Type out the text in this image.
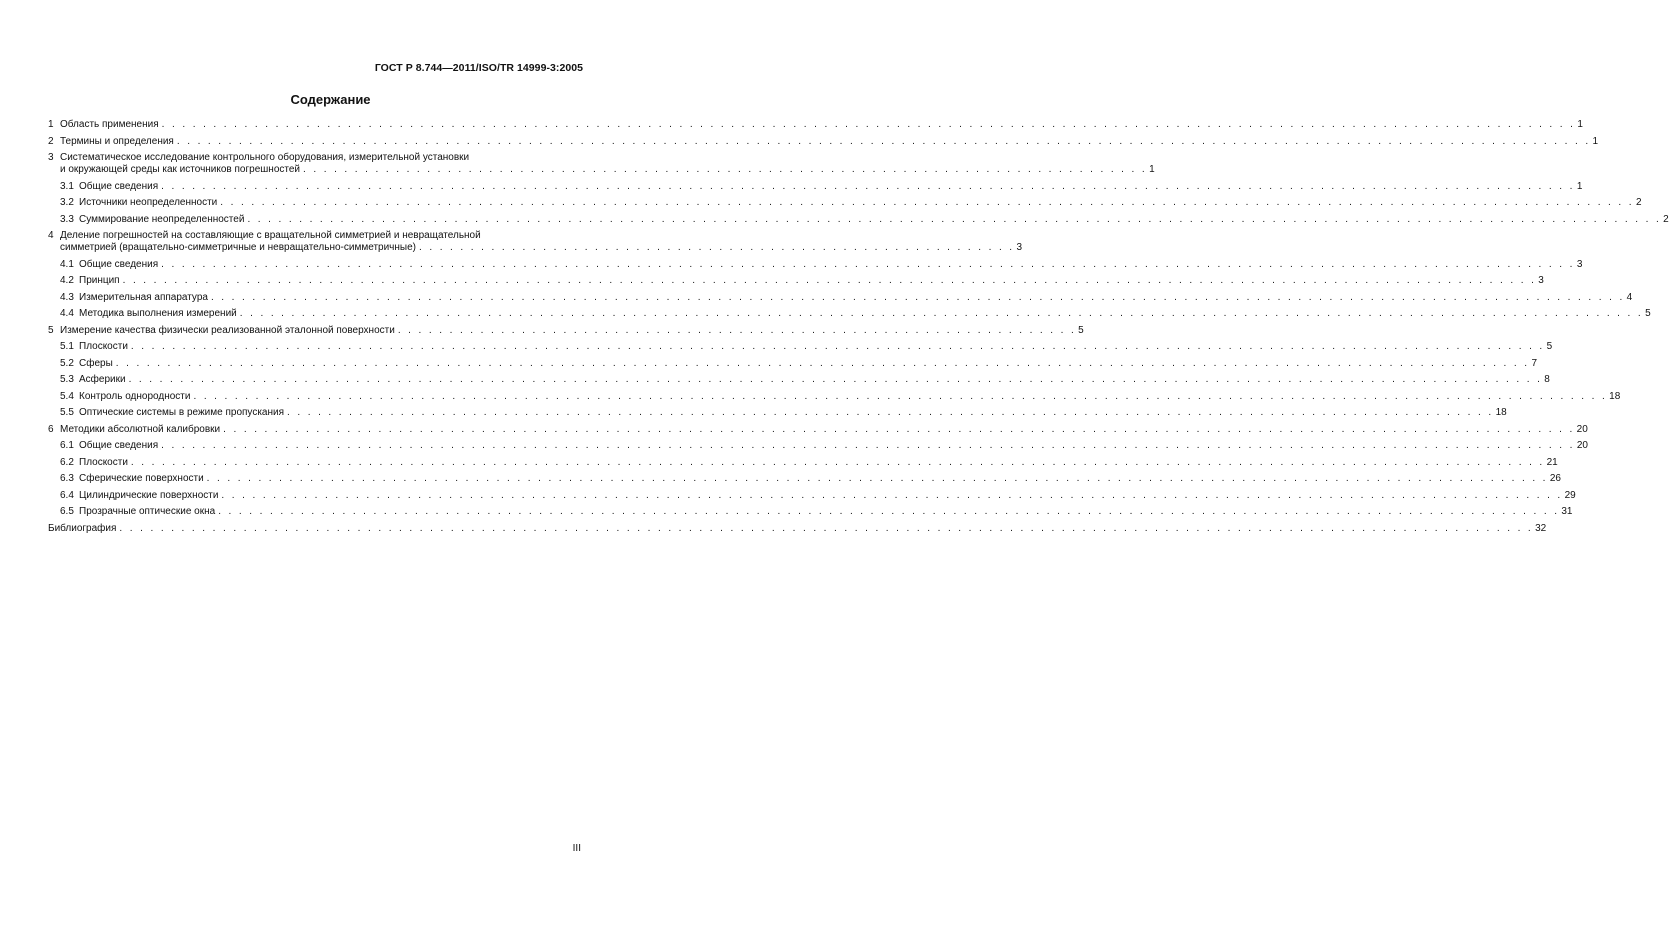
ГОСТ Р 8.744—2011/ISO/TR 14999-3:2005
Содержание
1 Область применения . . . . . . . . . . . . . . . . . . . . . . . . . . . . . . . . . . . . . . . . . . . . . . . . . . . . . . . . . . . . . . . . . . . . . . . . . . . . . . . . . . . . . . . . . . . . . . . . . . . . . . . . . . . . . . . . . . . . . . . . . . . . . . . . . . . . . . . . . 1
2 Термины и определения . . . . . . . . . . . . . . . . . . . . . . . . . . . . . . . . . . . . . . . . . . . . . . . . . . . . . . . . . . . . . . . . . . . . . . . . . . . . . . . . . . . . . . . . . . . . . . . . . . . . . . . . . . . . . . . . . . . . . . . . . . . . . . . . . . . . . . . . . 1
3 Систематическое исследование контрольного оборудования, измерительной установки
и окружающей среды как источников погрешностей . . . . . . . . . . . . . . . . . . . . . . . . . . . . . . . . . . . . . . . . . . . . . . . . . . . . . . . . . . . . . . . . . . . . . . . . . . . . . . . . . . 1
3.1 Общие сведения . . . . . . . . . . . . . . . . . . . . . . . . . . . . . . . . . . . . . . . . . . . . . . . . . . . . . . . . . . . . . . . . . . . . . . . . . . . . . . . . . . . . . . . . . . . . . . . . . . . . . . . . . . . . . . . . . . . . . . . . . . . . . . . . . . . . . . . . . 1
3.2 Источники неопределенности . . . . . . . . . . . . . . . . . . . . . . . . . . . . . . . . . . . . . . . . . . . . . . . . . . . . . . . . . . . . . . . . . . . . . . . . . . . . . . . . . . . . . . . . . . . . . . . . . . . . . . . . . . . . . . . . . . . . . . . . . . . . . . . . . . . . . . . . . 2
3.3 Суммирование неопределенностей . . . . . . . . . . . . . . . . . . . . . . . . . . . . . . . . . . . . . . . . . . . . . . . . . . . . . . . . . . . . . . . . . . . . . . . . . . . . . . . . . . . . . . . . . . . . . . . . . . . . . . . . . . . . . . . . . . . . . . . . . . . . . . . . . . . . . . . . . 2
4 Деление погрешностей на составляющие с вращательной симметрией и невращательной
симметрией (вращательно-симметричные и невращательно-симметричные) . . . . . . . . . . . . . . . . . . . . . . . . . . . . . . . . . . . . . . . . . . . . . . . . . . . . . . . . . . 3
4.1 Общие сведения . . . . . . . . . . . . . . . . . . . . . . . . . . . . . . . . . . . . . . . . . . . . . . . . . . . . . . . . . . . . . . . . . . . . . . . . . . . . . . . . . . . . . . . . . . . . . . . . . . . . . . . . . . . . . . . . . . . . . . . . . . . . . . . . . . . . . . . . . 3
4.2 Принцип . . . . . . . . . . . . . . . . . . . . . . . . . . . . . . . . . . . . . . . . . . . . . . . . . . . . . . . . . . . . . . . . . . . . . . . . . . . . . . . . . . . . . . . . . . . . . . . . . . . . . . . . . . . . . . . . . . . . . . . . . . . . . . . . . . . . . . . . . 3
4.3 Измерительная аппаратура . . . . . . . . . . . . . . . . . . . . . . . . . . . . . . . . . . . . . . . . . . . . . . . . . . . . . . . . . . . . . . . . . . . . . . . . . . . . . . . . . . . . . . . . . . . . . . . . . . . . . . . . . . . . . . . . . . . . . . . . . . . . . . . . . . . . . . . . . 4
4.4 Методика выполнения измерений . . . . . . . . . . . . . . . . . . . . . . . . . . . . . . . . . . . . . . . . . . . . . . . . . . . . . . . . . . . . . . . . . . . . . . . . . . . . . . . . . . . . . . . . . . . . . . . . . . . . . . . . . . . . . . . . . . . . . . . . . . . . . . . . . . . . . . . . 5
5 Измерение качества физически реализованной эталонной поверхности . . . . . . . . . . . . . . . . . . . . . . . . . . . . . . . . . . . . . . . . . . . . . . . . . . . . . . . . . . . . . . . . . . 5
5.1 Плоскости . . . . . . . . . . . . . . . . . . . . . . . . . . . . . . . . . . . . . . . . . . . . . . . . . . . . . . . . . . . . . . . . . . . . . . . . . . . . . . . . . . . . . . . . . . . . . . . . . . . . . . . . . . . . . . . . . . . . . . . . . . . . . . . . . . . . . . . . . 5
5.2 Сферы . . . . . . . . . . . . . . . . . . . . . . . . . . . . . . . . . . . . . . . . . . . . . . . . . . . . . . . . . . . . . . . . . . . . . . . . . . . . . . . . . . . . . . . . . . . . . . . . . . . . . . . . . . . . . . . . . . . . . . . . . . . . . . . . . . . . . . . . . 7
5.3 Асферики . . . . . . . . . . . . . . . . . . . . . . . . . . . . . . . . . . . . . . . . . . . . . . . . . . . . . . . . . . . . . . . . . . . . . . . . . . . . . . . . . . . . . . . . . . . . . . . . . . . . . . . . . . . . . . . . . . . . . . . . . . . . . . . . . . . . . . . . . 8
5.4 Контроль однородности . . . . . . . . . . . . . . . . . . . . . . . . . . . . . . . . . . . . . . . . . . . . . . . . . . . . . . . . . . . . . . . . . . . . . . . . . . . . . . . . . . . . . . . . . . . . . . . . . . . . . . . . . . . . . . . . . . . . . . . . . . . . . . . . . . . . . . . . . 18
5.5 Оптические системы в режиме пропускания . . . . . . . . . . . . . . . . . . . . . . . . . . . . . . . . . . . . . . . . . . . . . . . . . . . . . . . . . . . . . . . . . . . . . . . . . . . . . . . . . . . . . . . . . . . . . . . . . . . . . . . . . . . . . . . . . . . . . 18
6 Методики абсолютной калибровки . . . . . . . . . . . . . . . . . . . . . . . . . . . . . . . . . . . . . . . . . . . . . . . . . . . . . . . . . . . . . . . . . . . . . . . . . . . . . . . . . . . . . . . . . . . . . . . . . . . . . . . . . . . . . . . . . . . . . . . . . . . . . . . . . . . 20
6.1 Общие сведения . . . . . . . . . . . . . . . . . . . . . . . . . . . . . . . . . . . . . . . . . . . . . . . . . . . . . . . . . . . . . . . . . . . . . . . . . . . . . . . . . . . . . . . . . . . . . . . . . . . . . . . . . . . . . . . . . . . . . . . . . . . . . . . . . . . . . . . . . 20
6.2 Плоскости . . . . . . . . . . . . . . . . . . . . . . . . . . . . . . . . . . . . . . . . . . . . . . . . . . . . . . . . . . . . . . . . . . . . . . . . . . . . . . . . . . . . . . . . . . . . . . . . . . . . . . . . . . . . . . . . . . . . . . . . . . . . . . . . . . . . . . . . . 21
6.3 Сферические поверхности . . . . . . . . . . . . . . . . . . . . . . . . . . . . . . . . . . . . . . . . . . . . . . . . . . . . . . . . . . . . . . . . . . . . . . . . . . . . . . . . . . . . . . . . . . . . . . . . . . . . . . . . . . . . . . . . . . . . . . . . . . . . . . . . . . 26
6.4 Цилиндрические поверхности . . . . . . . . . . . . . . . . . . . . . . . . . . . . . . . . . . . . . . . . . . . . . . . . . . . . . . . . . . . . . . . . . . . . . . . . . . . . . . . . . . . . . . . . . . . . . . . . . . . . . . . . . . . . . . . . . . . . . . . . . . . . . . . . . . 29
6.5 Прозрачные оптические окна . . . . . . . . . . . . . . . . . . . . . . . . . . . . . . . . . . . . . . . . . . . . . . . . . . . . . . . . . . . . . . . . . . . . . . . . . . . . . . . . . . . . . . . . . . . . . . . . . . . . . . . . . . . . . . . . . . . . . . . . . . . . . . . . . . 31
Библиография . . . . . . . . . . . . . . . . . . . . . . . . . . . . . . . . . . . . . . . . . . . . . . . . . . . . . . . . . . . . . . . . . . . . . . . . . . . . . . . . . . . . . . . . . . . . . . . . . . . . . . . . . . . . . . . . . . . . . . . . . . . . . . . . . . . . . . . . . 32
III
